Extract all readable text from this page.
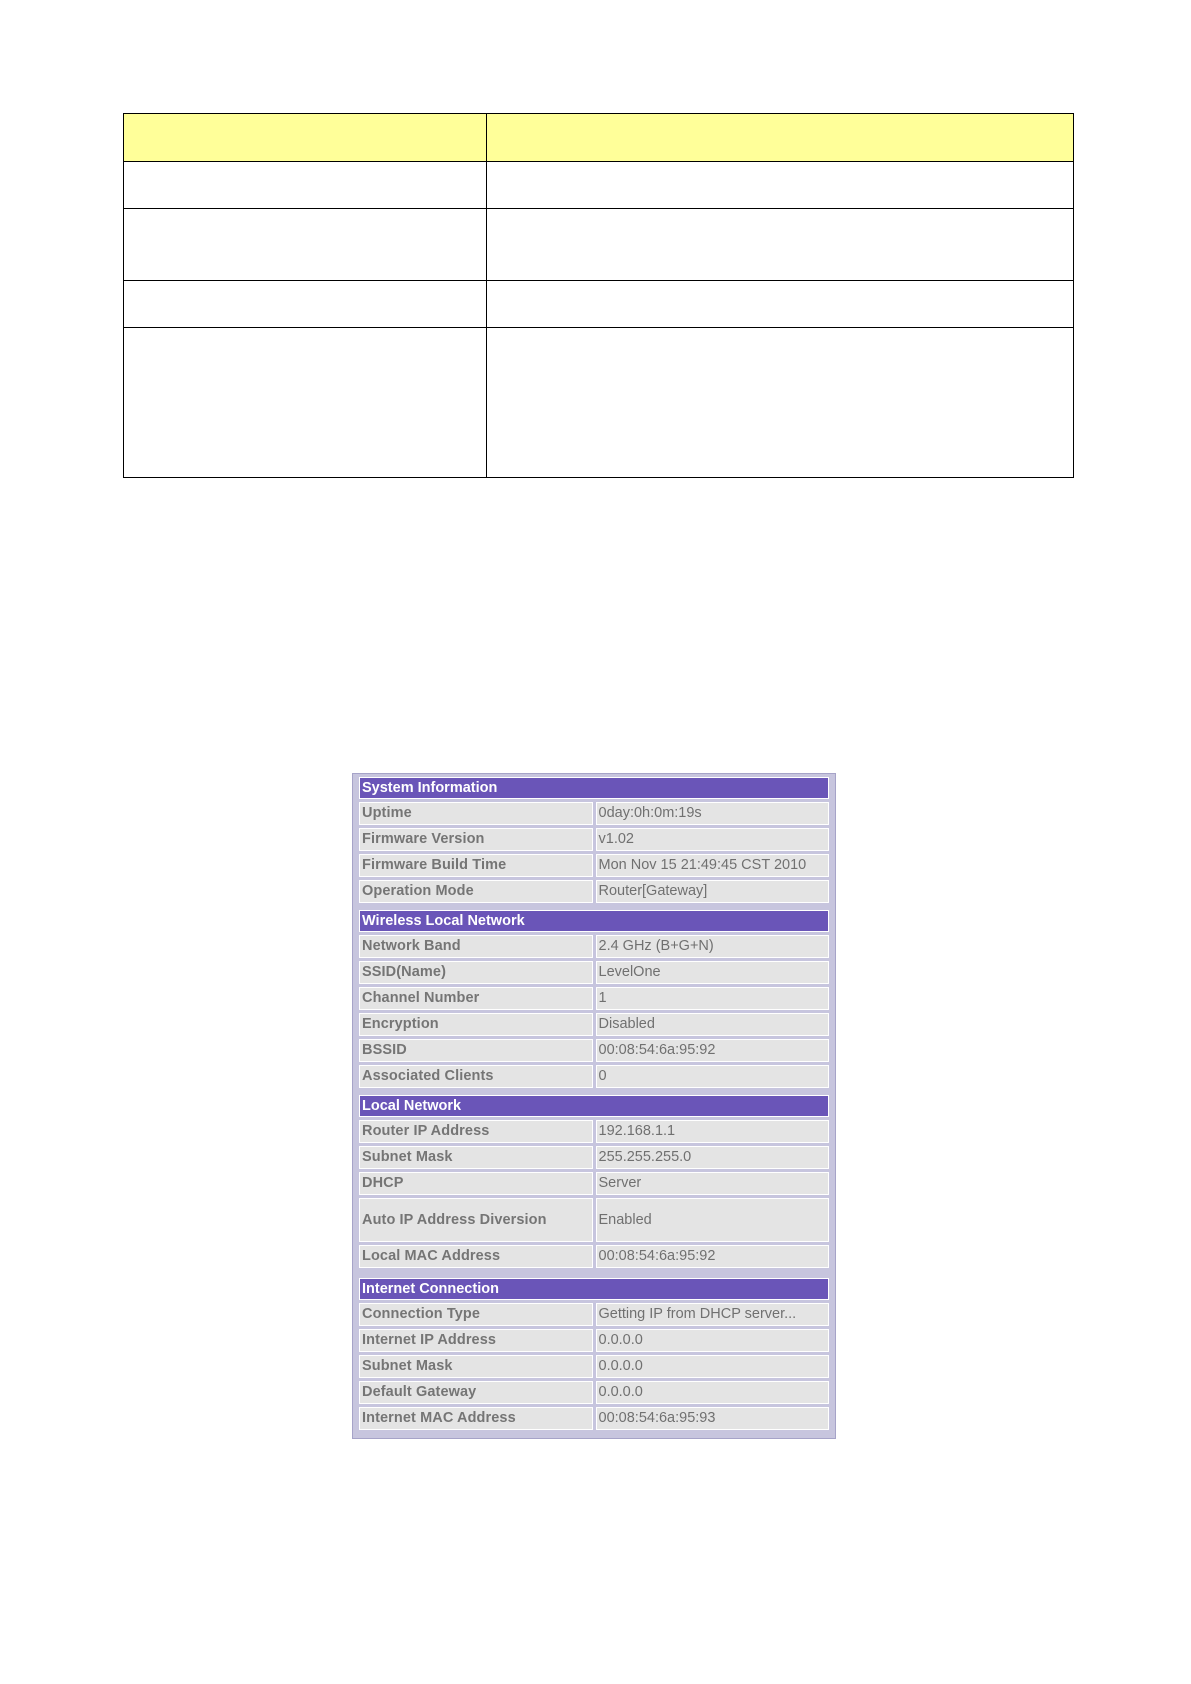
System Information	
Uptime	0day:0h:0m:19s
Firmware Version	v1.02
Firmware Build Time	Mon Nov 15 21:49:45 CST 2010
Operation Mode	Router[Gateway]
Wireless Local Network	
Network Band	2.4 GHz (B+G+N)
SSID(Name)	LevelOne
Channel Number	1
Encryption	Disabled
BSSID	00:08:54:6a:95:92
Associated Clients	0
Local Network	
Router IP Address	192.168.1.1
Subnet Mask	255.255.255.0
DHCP	Server
Auto IP Address Diversion	Enabled
Local MAC Address	00:08:54:6a:95:92
Internet Connection	
Connection Type	Getting IP from DHCP server...
Internet IP Address	0.0.0.0
Subnet Mask	0.0.0.0
Default Gateway	0.0.0.0
Internet MAC Address	00:08:54:6a:95:93
